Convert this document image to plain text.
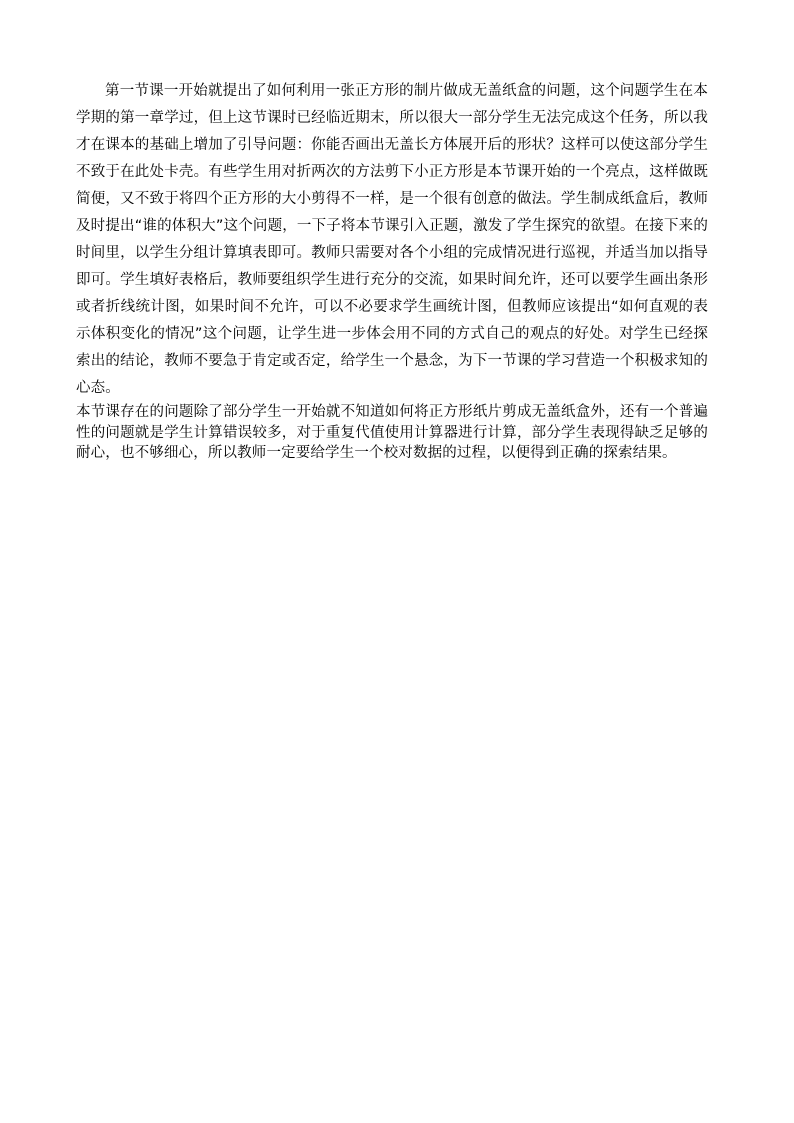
第一节课一开始就提出了如何利用一张正方形的制片做成无盖纸盒的问题，这个问题学生在本学期的第一章学过，但上这节课时已经临近期末，所以很大一部分学生无法完成这个任务，所以我才在课本的基础上增加了引导问题：你能否画出无盖长方体展开后的形状？这样可以使这部分学生不致于在此处卡壳。有些学生用对折两次的方法剪下小正方形是本节课开始的一个亮点，这样做既简便，又不致于将四个正方形的大小剪得不一样，是一个很有创意的做法。学生制成纸盒后，教师及时提出“谁的体积大”这个问题，一下子将本节课引入正题，激发了学生探究的欲望。在接下来的时间里，以学生分组计算填表即可。教师只需要对各个小组的完成情况进行巡视，并适当加以指导即可。学生填好表格后，教师要组织学生进行充分的交流，如果时间允许，还可以要学生画出条形或者折线统计图，如果时间不允许，可以不必要求学生画统计图，但教师应该提出“如何直观的表示体积变化的情况”这个问题，让学生进一步体会用不同的方式自己的观点的好处。对学生已经探索出的结论，教师不要急于肯定或否定，给学生一个悬念，为下一节课的学习营造一个积极求知的心态。

本节课存在的问题除了部分学生一开始就不知道如何将正方形纸片剪成无盖纸盒外，还有一个普遍性的问题就是学生计算错误较多，对于重复代值使用计算器进行计算，部分学生表现得缺乏足够的耐心，也不够细心，所以教师一定要给学生一个校对数据的过程，以便得到正确的探索结果。
